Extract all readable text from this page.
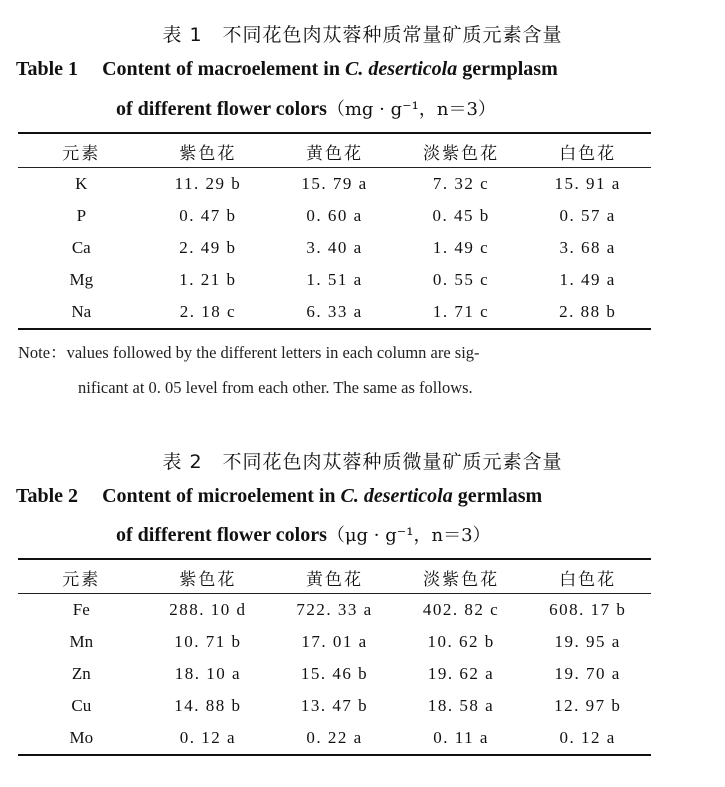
表 1　不同花色肉苁蓉种质常量矿质元素含量
Table 1 Content of macroelement in C. deserticola germplasm
of different flower colors（mg · g⁻¹，n＝3）
元素	紫色花	黄色花	淡紫色花	白色花
K	11. 29 b	15. 79 a	7. 32 c	15. 91 a
P	0. 47 b	0. 60 a	0. 45 b	0. 57 a
Ca	2. 49 b	3. 40 a	1. 49 c	3. 68 a
Mg	1. 21 b	1. 51 a	0. 55 c	1. 49 a
Na	2. 18 c	6. 33 a	1. 71 c	2. 88 b
Note：values followed by the different letters in each column are sig-
nificant at 0. 05 level from each other. The same as follows.
表 2　不同花色肉苁蓉种质微量矿质元素含量
Table 2 Content of microelement in C. deserticola germlasm
of different flower colors（μg · g⁻¹，n＝3）
元素	紫色花	黄色花	淡紫色花	白色花
Fe	288. 10 d	722. 33 a	402. 82 c	608. 17 b
Mn	10. 71 b	17. 01 a	10. 62 b	19. 95 a
Zn	18. 10 a	15. 46 b	19. 62 a	19. 70 a
Cu	14. 88 b	13. 47 b	18. 58 a	12. 97 b
Mo	0. 12 a	0. 22 a	0. 11 a	0. 12 a
